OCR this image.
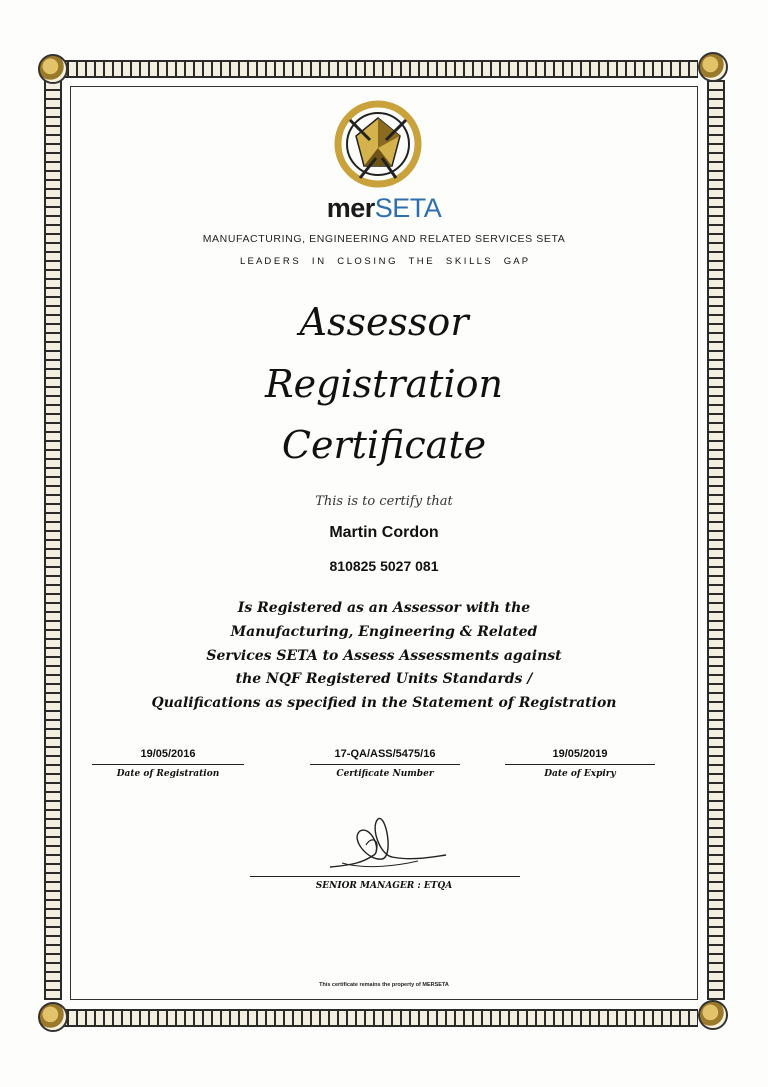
merSETA
MANUFACTURING, ENGINEERING AND RELATED SERVICES SETA
L E A D E R S     I N     C L O S I N G     T H E     S K I L L S     G A P
Assessor
Registration
Certificate
This is to certify that
Martin Cordon
810825 5027 081
Is Registered as an Assessor with the
Manufacturing, Engineering & Related
Services SETA to Assess Assessments against
the NQF Registered Units Standards /
Qualifications as specified in the Statement of Registration
19/05/2016
Date of Registration
17-QA/ASS/5475/16
Certificate Number
19/05/2019
Date of Expiry
SENIOR MANAGER : ETQA
This certificate remains the property of MERSETA
